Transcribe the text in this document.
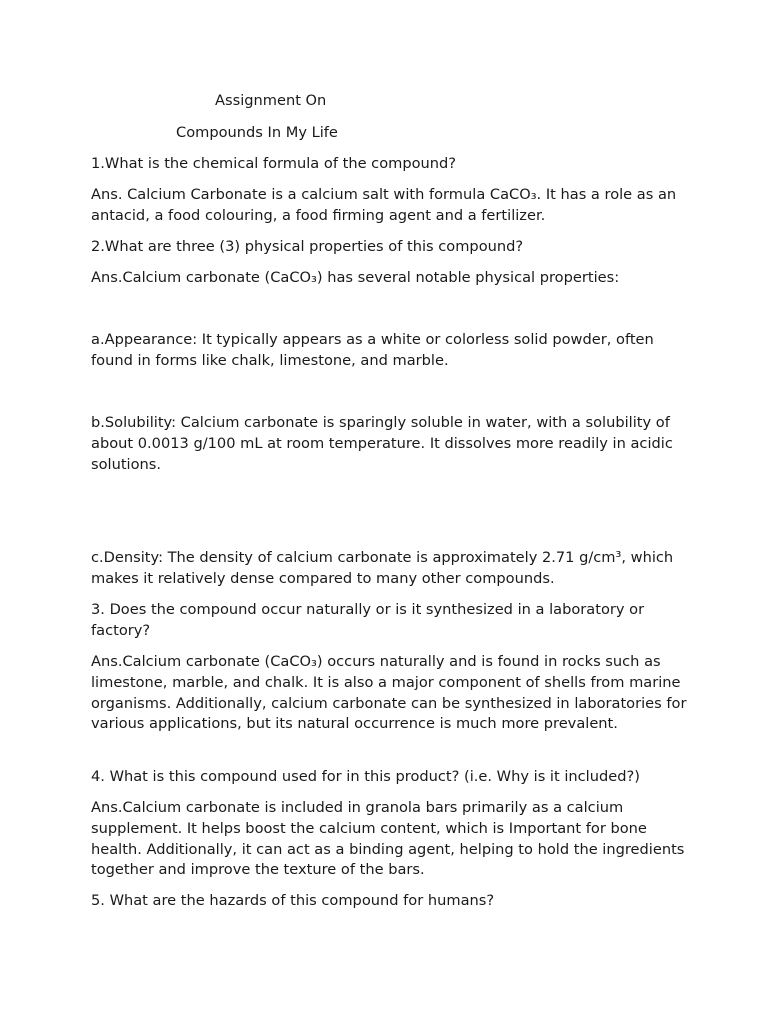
Assignment On
Compounds In My Life

1.What is the chemical formula of the compound?

Ans. Calcium Carbonate is a calcium salt with formula CaCO₃. It has a role as an antacid, a food colouring, a food firming agent and a fertilizer.

2.What are three (3) physical properties of this compound?

Ans.Calcium carbonate (CaCO₃) has several notable physical properties:

a.Appearance: It typically appears as a white or colorless solid powder, often found in forms like chalk, limestone, and marble.

b.Solubility: Calcium carbonate is sparingly soluble in water, with a solubility of about 0.0013 g/100 mL at room temperature. It dissolves more readily in acidic solutions.

c.Density: The density of calcium carbonate is approximately 2.71 g/cm³, which makes it relatively dense compared to many other compounds.

3. Does the compound occur naturally or is it synthesized in a laboratory or factory?

Ans.Calcium carbonate (CaCO₃) occurs naturally and is found in rocks such as limestone, marble, and chalk. It is also a major component of shells from marine organisms. Additionally, calcium carbonate can be synthesized in laboratories for various applications, but its natural occurrence is much more prevalent.

4. What is this compound used for in this product? (i.e. Why is it included?)

Ans.Calcium carbonate is included in granola bars primarily as a calcium supplement. It helps boost the calcium content, which is Important for bone health. Additionally, it can act as a binding agent, helping to hold the ingredients together and improve the texture of the bars.

5. What are the hazards of this compound for humans?
